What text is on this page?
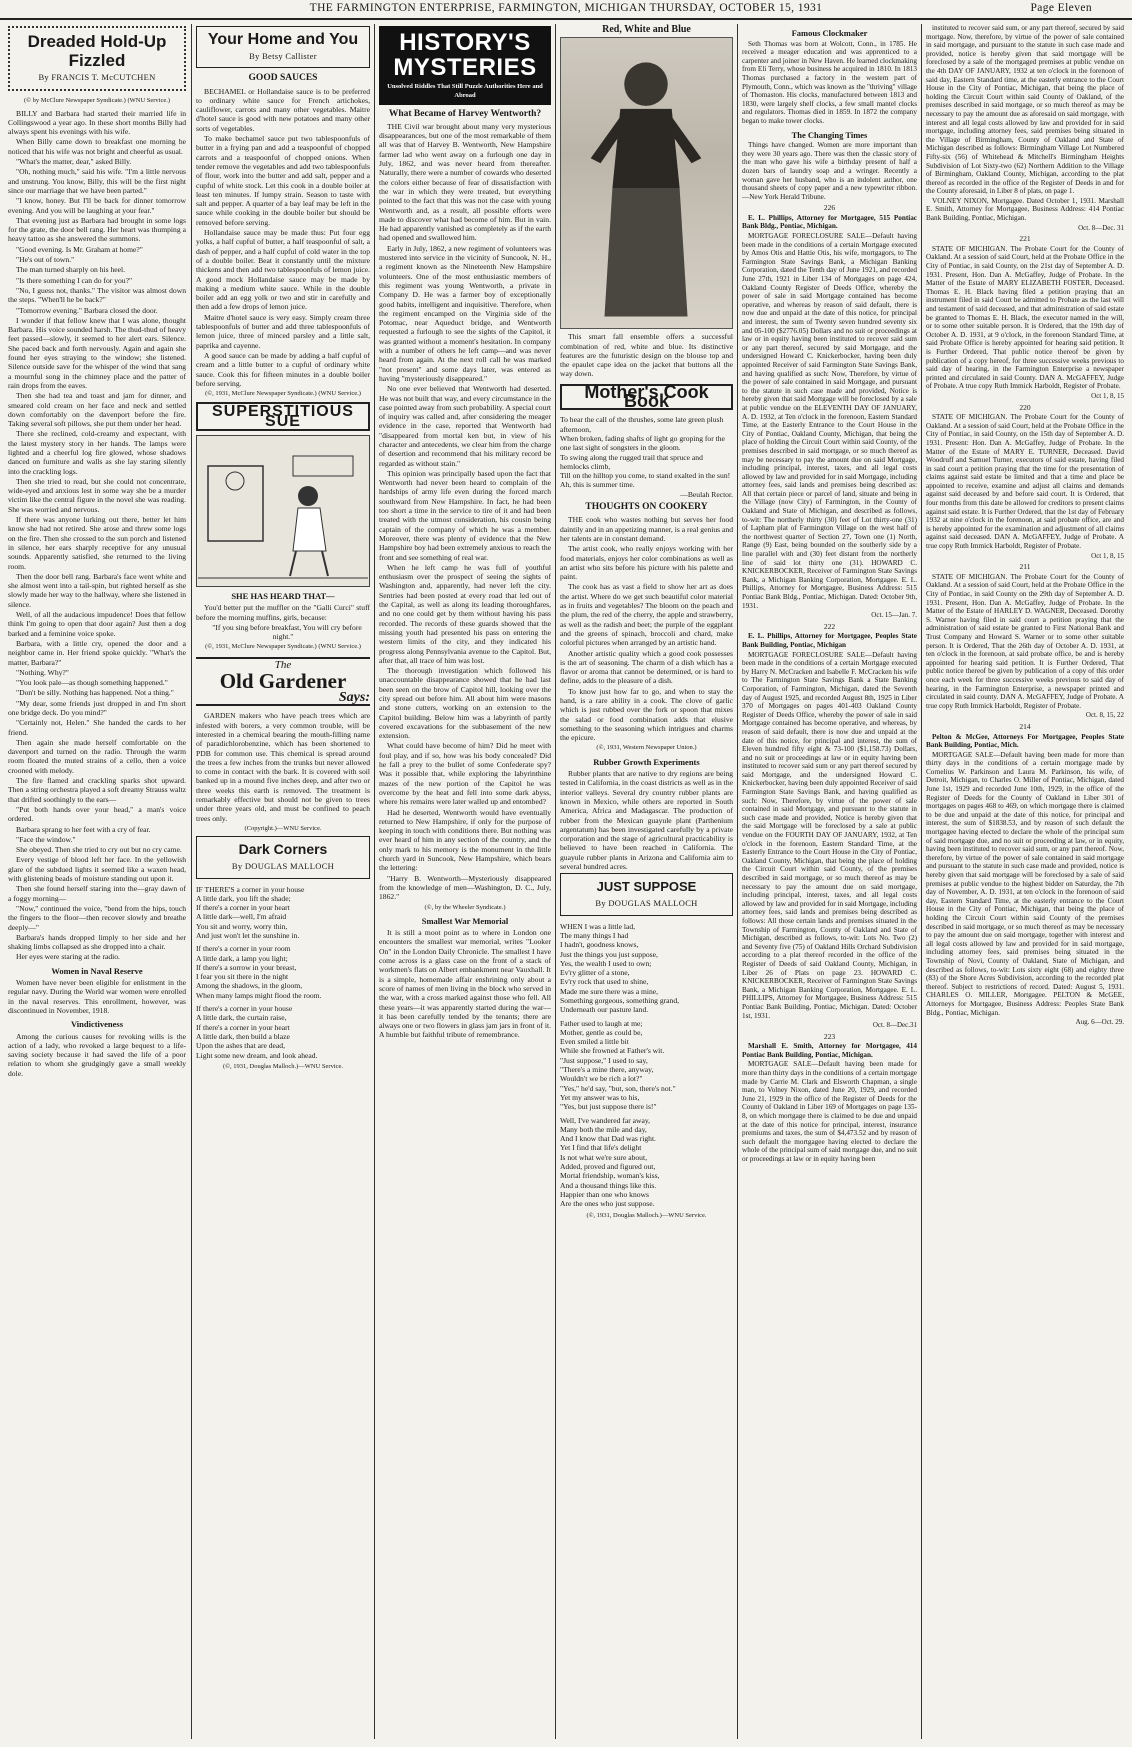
THE FARMINGTON ENTERPRISE, FARMINGTON, MICHIGAN THURSDAY, OCTOBER 15, 1931	Page Eleven
Dreaded Hold-Up Fizzled
By FRANCIS T. McCUTCHEN
(© by McClure Newspaper Syndicate.) (WNU Service.)

BILLY and Barbara had started their married life in Collingswood a year ago. In these short months Billy had always spent his evenings with his wife.

When Billy came down to breakfast one morning he noticed that his wife was not bright and cheerful as usual.

"What's the matter, dear," asked Billy.

"Oh, nothing much," said his wife. "I'm a little nervous and unstrung. You know, Billy, this will be the first night since our marriage that we have been parted."

"I know, honey. But I'll be back for dinner tomorrow evening. And you will be laughing at your fear."

That evening just as Barbara had brought in some logs for the grate, the door bell rang. Her heart was thumping a heavy tattoo as she answered the summons.

"Good evening. Is Mr. Graham at home?"

"He's out of town."

The man turned sharply on his heel.

"Is there something I can do for you?"

"No, I guess not, thanks." The visitor was almost down the steps. "When'll he be back?"

"Tomorrow evening." Barbara closed the door.

I wonder if that fellow knew that I was alone, thought Barbara. His voice sounded harsh. The thud-thud of heavy feet passed—slowly, it seemed to her alert ears. Silence. She paced back and forth nervously. Again and again she found her eyes straying to the window; she listened. Silence outside save for the whisper of the wind that sang a mournful song in the chimney place and the patter of rain drops from the eaves.

Then she had tea and toast and jam for dinner, and smeared cold cream on her face and neck and settled down comfortably on the davenport before the fire. Taking several soft pillows, she put them under her head.

There she reclined, cold-creamy and expectant, with the latest mystery story in her hands. The lamps were lighted and a cheerful log fire glowed, whose shadows danced on furniture and walls as she lay staring silently into the crackling logs.

Then she tried to read, but she could not concentrate, wide-eyed and anxious lest in some way she be a murder victim like the central figure in the novel she was reading. She was worried and nervous.

If there was anyone lurking out there, better let him know she had not retired. She arose and threw some logs on the fire. Then she crossed to the sun porch and listened in silence, her ears sharply receptive for any unusual sounds. Apparently satisfied, she returned to the living room.

Then the door bell rang. Barbara's face went white and she almost went into a tail-spin, but righted herself as she slowly made her way to the hallway, where she listened in silence.

Well, of all the audacious impudence! Does that fellow think I'm going to open that door again? Just then a dog barked and a feminine voice spoke.

Barbara, with a little cry, opened the door and a neighbor came in. Her friend spoke quickly. "What's the matter, Barbara?"

"Nothing. Why?"

"You look pale—as though something happened."

"Don't be silly. Nothing has happened. Not a thing."

"My dear, some friends just dropped in and I'm short one bridge deck. Do you mind?"

"Certainly not, Helen." She handed the cards to her friend.

Then again she made herself comfortable on the davenport and turned on the radio. Through the warm room floated the muted strains of a cello, then a voice crooned with melody.

The fire flamed and crackling sparks shot upward. Then a string orchestra played a soft dreamy Strauss waltz that drifted soothingly to the ears—

"Put both hands over your head," a man's voice ordered.

Barbara sprang to her feet with a cry of fear.

"Face the window."

She obeyed. Then she tried to cry out but no cry came.

Every vestige of blood left her face. In the yellowish glare of the subdued lights it seemed like a waxen head, with glistening beads of moisture standing out upon it.

Then she found herself staring into the—gray dawn of a foggy morning—

"Now," continued the voice, "bend from the hips, touch the fingers to the floor—then recover slowly and breathe deeply—"

Barbara's hands dropped limply to her side and her shaking limbs collapsed as she dropped into a chair.

Her eyes were staring at the radio.

Women in Naval Reserve

Women have never been eligible for enlistment in the regular navy. During the World war women were enrolled in the naval reserves. This enrollment, however, was discontinued in November, 1918.

Vindictiveness

Among the curious causes for revoking wills is the action of a lady, who revoked a large bequest to a life-saving society because it had saved the life of a poor relation to whom she grudgingly gave a small weekly dole.

Your Home and You
By Betsy Callister
GOOD SAUCES

BECHAMEL or Hollandaise sauce is to be preferred to ordinary white sauce for French artichokes, cauliflower, carrots and many other vegetables. Maitre d'hotel sauce is good with new potatoes and many other sorts of vegetables.

To make bechamel sauce put two tablespoonfuls of butter in a frying pan and add a teaspoonful of chopped carrots and a teaspoonful of chopped onions. When tender remove the vegetables and add two tablespoonfuls of flour, work into the butter and add salt, pepper and a cupful of white stock. Let this cook in a double boiler at least ten minutes. If lumpy strain. Season to taste with salt and pepper. A quarter of a bay leaf may be left in the sauce while cooking in the double boiler but should be removed before serving.

Hollandaise sauce may be made thus: Put four egg yolks, a half cupful of butter, a half teaspoonful of salt, a dash of pepper, and a half cupful of cold water in the top of a double boiler. Beat it constantly until the mixture thickens and then add two tablespoonfuls of lemon juice. A good mock Hollandaise sauce may be made by making a medium white sauce. While in the double boiler add an egg yolk or two and stir in carefully and then add a few drops of lemon juice.

Maitre d'hotel sauce is very easy. Simply cream three tablespoonfuls of butter and add three tablespoonfuls of lemon juice, three of minced parsley and a little salt, paprika and cayenne.

A good sauce can be made by adding a half cupful of cream and a little butter to a cupful of ordinary white sauce. Cook this for fifteen minutes in a double boiler before serving.

(©, 1931, McClure Newspaper Syndicate.) (WNU Service.)
SUPERSTITIOUS SUE
SHE HAS HEARD THAT—

You'd better put the muffler on the "Galli Curci" stuff before the morning muffins, girls, because:

"If you sing before breakfast, You will cry before night."

(©, 1931, McClure Newspaper Syndicate.) (WNU Service.)
The
Old Gardener
Says:

GARDEN makers who have peach trees which are infested with borers, a very common trouble, will be interested in a chemical bearing the mouth-filling name of paradichlorobenzine, which has been shortened to PDB for common use. This chemical is spread around the trees a few inches from the trunks but never allowed to come in contact with the bark. It is covered with soil banked up in a mound five inches deep, and after two or three weeks this earth is removed. The treatment is remarkably effective but should not be given to trees under three years old, and must be confined to peach trees only.

(Copyright.)—WNU Service.
Dark Corners
By DOUGLAS MALLOCH
IF THERE'S a corner in your house
A little dark, you lift the shade;
If there's a corner in your heart
A little dark—well, I'm afraid
You sit and worry, worry thin,
And just won't let the sunshine in.
If there's a corner in your room
A little dark, a lamp you light;
If there's a sorrow in your breast,
I fear you sit there in the night
Among the shadows, in the gloom,
When many lamps might flood the room.
If there's a corner in your house
A little dark, the curtain raise,
If there's a corner in your heart
A little dark, then build a blaze
Upon the ashes that are dead,
Light some new dream, and look ahead.
(©, 1931, Douglas Malloch.)—WNU Service.
HISTORY'S MYSTERIES
Unsolved Riddles That Still Puzzle Authorities Here and Abroad
What Became of Harvey Wentworth?

THE Civil war brought about many very mysterious disappearances, but one of the most remarkable of them all was that of Harvey B. Wentworth, New Hampshire farmer lad who went away on a furlough one day in July, 1862, and was never heard from thereafter. Naturally, there were a number of cowards who deserted the colors either because of fear of dissatisfaction with the war in which they were treated, but everything pointed to the fact that this was not the case with young Wentworth and, as a result, all possible efforts were made to discover what had become of him. But in vain. He had apparently vanished as completely as if the earth had opened and swallowed him.

Early in July, 1862, a new regiment of volunteers was mustered into service in the vicinity of Suncook, N. H., a regiment known as the Nineteenth New Hampshire volunteers. One of the most enthusiastic members of this regiment was young Wentworth, a private in Company D. He was a farmer boy of exceptionally good habits, intelligent and inquisitive. Therefore, when the regiment encamped on the Virginia side of the Potomac, near Aqueduct bridge, and Wentworth requested a furlough to see the sights of the Capitol, it was granted without a moment's hesitation. In company with a number of others he left camp—and was never heard from again. At the next roll call he was marked "not present" and some days later, was entered as having "mysteriously disappeared."

No one ever believed that Wentworth had deserted. He was not built that way, and every circumstance in the case pointed away from such probability. A special court of inquiry was called and, after considering the meager evidence in the case, reported that Wentworth had "disappeared from mortal ken but, in view of his character and antecedents, we clear him from the charge of desertion and recommend that his military record be regarded as without stain."

This opinion was principally based upon the fact that Wentworth had never been heard to complain of the hardships of army life even during the forced march southward from New Hampshire. In fact, he had been too short a time in the service to tire of it and had been treated with the utmost consideration, his cousin being captain of the company of which he was a member. Moreover, there was plenty of evidence that the New Hampshire boy had been extremely anxious to reach the front and see something of real war.

When he left camp he was full of youthful enthusiasm over the prospect of seeing the sights of Washington and, apparently, had never left the city. Sentries had been posted at every road that led out of the Capital, as well as along its leading thoroughfares, and no one could get by them without having his pass recorded. The records of these guards showed that the missing youth had presented his pass on entering the western limits of the city, and they indicated his progress along Pennsylvania avenue to the Capitol. But, after that, all trace of him was lost.

The thorough investigation which followed his unaccountable disappearance showed that he had last been seen on the brow of Capitol hill, looking over the city spread out before him. All about him were masons and stone cutters, working on an extension to the Capitol building. Below him was a labyrinth of partly covered excavations for the subbasement of the new extension.

What could have become of him? Did he meet with foul play, and if so, how was his body concealed? Did he fall a prey to the bullet of some Confederate spy? Was it possible that, while exploring the labyrinthine mazes of the new portion of the Capitol he was overcome by the heat and fell into some dark abyss, where his remains were later walled up and entombed?

Had he deserted, Wentworth would have eventually returned to New Hampshire, if only for the purpose of keeping in touch with conditions there. But nothing was ever heard of him in any section of the country, and the only mark to his memory is the monument in the little church yard in Suncook, New Hampshire, which bears the lettering:

"Harry B. Wentworth—Mysteriously disappeared from the knowledge of men—Washington, D. C., July, 1862."

(©, by the Wheeler Syndicate.)
Smallest War Memorial

It is still a moot point as to where in London one encounters the smallest war memorial, writes "Looker On" in the London Daily Chronicle. The smallest I have come across is a glass case on the front of a stack of workmen's flats on Albert embankment near Vauxhall. It is a simple, homemade affair enshrining only about a score of names of men living in the block who served in the war, with a cross marked against those who fell. All these years—it was apparently started during the war—it has been carefully tended by the tenants; there are always one or two flowers in glass jam jars in front of it. A humble but faithful tribute of remembrance.

Red, White and Blue

This smart fall ensemble offers a successful combination of red, white and blue. Its distinctive features are the futuristic design on the blouse top and the epaulet cape idea on the jacket that buttons all the way down.

Mother's Cook Book
To hear the call of the thrushes, some late green plush afternoon,
When broken, fading shafts of light go groping for the one last sight of songsters in the gloom.
To swing along the rugged trail that spruce and hemlocks climb,
Till on the hilltop you come, to stand exalted in the sun! Ah, this is summer time.
—Beulah Rector.
THOUGHTS ON COOKERY

THE cook who wastes nothing but serves her food daintily and in an appetizing manner, is a real genius and her talents are in constant demand.

The artist cook, who really enjoys working with her food materials, enjoys her color combinations as well as an artist who sits before his picture with his palette and paint.

The cook has as vast a field to show her art as does the artist. Where do we get such beautiful color material as in fruits and vegetables? The bloom on the peach and the plum, the red of the cherry, the apple and strawberry, as well as the radish and beet; the purple of the eggplant and the greens of spinach, broccoli and chard, make colorful pictures when arranged by an artistic hand.

Another artistic quality which a good cook possesses is the art of seasoning. The charm of a dish which has a flavor or aroma that cannot be determined, or is hard to define, adds to the pleasure of a dish.

To know just how far to go, and when to stay the hand, is a rare ability in a cook. The clove of garlic which is just rubbed over the fork or spoon that mixes the salad or food combination adds that elusive something to the seasoning which intrigues and charms the epicure.

(©, 1931, Western Newspaper Union.)
Rubber Growth Experiments

Rubber plants that are native to dry regions are being tested in California, in the coast districts as well as in the interior valleys. Several dry country rubber plants are known in Mexico, while others are reported in South America, Africa and Madagascar. The production of rubber from the Mexican guayule plant (Parthenium argentatum) has been investigated carefully by a private corporation and the stage of agricultural practicability is believed to have been reached in California. The guayule rubber plants in Arizona and California aim to several hundred acres.

JUST SUPPOSE
By DOUGLAS MALLOCH
WHEN I was a little lad,
The many things I had
I hadn't, goodness knows,
Just the things you just suppose,
Yes, the wealth I used to own;
Ev'ry glitter of a stone,
Ev'ry rock that used to shine,
Made me sure there was a mine,
Something gorgeous, something grand,
Underneath our pasture land.
Father used to laugh at me;
Mother, gentle as could be,
Even smiled a little bit
While she frowned at Father's wit.
"Just suppose," I used to say,
"There's a mine there, anyway,
Wouldn't we be rich a lot?"
"Yes," he'd say, "but, son, there's not."
Yet my answer was to his,
"Yes, but just suppose there is!"
Well, I've wandered far away,
Many both the mile and day,
And I know that Dad was right.
Yet I find that life's delight
Is not what we're sure about,
Added, proved and figured out,
Mortal friendship, woman's kiss,
And a thousand things like this.
Happier than one who knows
Are the ones who just suppose.
(©, 1931, Douglas Malloch.)—WNU Service.
Famous Clockmaker

Seth Thomas was born at Wolcott, Conn., in 1785. He received a meager education and was apprenticed to a carpenter and joiner in New Haven. He learned clockmaking from Eli Terry, whose business he acquired in 1810. In 1813 Thomas purchased a factory in the western part of Plymouth, Conn., which was known as the "thriving" village of Thomaston. His clocks, manufactured between 1813 and 1830, were largely shelf clocks, a few small mantel clocks and regulators. Thomas died in 1859. In 1872 the company began to make tower clocks.

The Changing Times

Things have changed. Women are more important than they were 30 years ago. There was then the classic story of the man who gave his wife a birthday present of half a dozen bars of laundry soap and a wringer. Recently a woman gave her husband, who is an indolent author, one thousand sheets of copy paper and a new typewriter ribbon.—New York Herald Tribune.

226

E. L. Phillips, Attorney for Mortgagee, 515 Pontiac Bank Bldg., Pontiac, Michigan.

MORTGAGE FORECLOSURE SALE—Default having been made in the conditions of a certain Mortgage executed by Amos Otis and Hattie Otis, his wife, mortgagors, to The Farmington State Savings Bank, a Michigan Banking Corporation, dated the Tenth day of June 1921, and recorded June 27th, 1921 in Liber 134 of Mortgages on page 424, Oakland County Register of Deeds Office, whereby the power of sale in said Mortgage contained has become operative, and whereas by reason of said default, there is now due and unpaid at the date of this notice, for principal and interest, the sum of Twenty seven hundred seventy six and 05-100 ($2776.05) Dollars and no suit or proceedings at law or in equity having been instituted to recover said sum or any part thereof, secured by said Mortgage, and the undersigned Howard C. Knickerbocker, having been duly appointed Receiver of said Farmington State Savings Bank, and having qualified as such: Now, Therefore, by virtue of the power of sale contained in said Mortgage, and pursuant to the statute in such case made and provided, Notice is hereby given that said Mortgage will be foreclosed by a sale at public vendue on the ELEVENTH DAY OF JANUARY, A. D. 1932, at Ten o'clock in the forenoon, Eastern Standard Time, at the Easterly Entrance to the Court House in the City of Pontiac, Oakland County, Michigan, that being the place of holding the Circuit Court within said County, of the premises described in said mortgage, or so much thereof as may be necessary to pay the amount due on said Mortgage, including principal, interest, taxes, and all legal costs allowed by law and provided for in said Mortgage, including attorney fees, said lands and premises being described as: All that certain piece or parcel of land, situate and being in the Village (now City) of Farmington, in the County of Oakland and State of Michigan, and described as follows, to-wit: The northerly thirty (30) feet of Lot thirty-one (31) of Lapham plat of Farmington Village on the west half of the northwest quarter of Section 27, Town one (1) North, Range (9) East, being bounded on the southerly side by a line parallel with and (30) feet distant from the northerly line of said lot thirty one (31). HOWARD C. KNICKERBOCKER, Receiver of Farmington State Savings Bank, a Michigan Banking Corporation, Mortgagee. E. L. Phillips, Attorney for Mortgagee, Business Address: 515 Pontiac Bank Bldg., Pontiac, Michigan. Dated: October 9th, 1931.

Oct. 15—Jan. 7.
222

E. L. Phillips, Attorney for Mortgagee, Peoples State Bank Building, Pontiac, Michigan

MORTGAGE FORECLOSURE SALE—Default having been made in the conditions of a certain Mortgage executed by Harry N. McCracken and Isabelle F. McCracken his wife to The Farmington State Savings Bank a State Banking Corporation, of Farmington, Michigan, dated the Seventh day of August 1925, and recorded August 8th, 1925 in Liber 370 of Mortgages on pages 401-403 Oakland County Register of Deeds Office, whereby the power of sale in said Mortgage contained has become operative, and whereas, by reason of said default, there is now due and unpaid at the date of this notice, for principal and interest, the sum of Eleven hundred fifty eight & 73-100 ($1,158.73) Dollars, and no suit or proceedings at law or in equity having been instituted to recover said sum or any part thereof secured by said Mortgage, and the undersigned Howard C. Knickerbocker, having been duly appointed Receiver of said Farmington State Savings Bank, and having qualified as such: Now, Therefore, by virtue of the power of sale contained in said Mortgage, and pursuant to the statute in such case made and provided, Notice is hereby given that the said Mortgage will be foreclosed by a sale at public vendue on the FOURTH DAY OF JANUARY, 1932, at Ten o'clock in the forenoon, Eastern Standard Time, at the Easterly Entrance to the Court House in the City of Pontiac, Oakland County, Michigan, that being the place of holding the Circuit Court within said County, of the premises described in said mortgage, or so much thereof as may be necessary to pay the amount due on said mortgage, including principal, interest, taxes, and all legal costs allowed by law and provided for in said Mortgage, including attorney fees, said lands and premises being described as follows: All those certain lands and premises situated in the Township of Farmington, County of Oakland and State of Michigan, described as follows, to-wit: Lots No. Two (2) and Seventy five (75) of Oakland Hills Orchard Subdivision according to a plat thereof recorded in the office of the Register of Deeds of said Oakland County, Michigan, in Liber 26 of Plats on page 23. HOWARD C. KNICKERBOCKER, Receiver of Farmington State Savings Bank, a Michigan Banking Corporation, Mortgagee. E. L. PHILLIPS, Attorney for Mortgagee, Business Address: 515 Pontiac Bank Building, Pontiac, Michigan. Dated: October 1st, 1931.

Oct. 8—Dec.31
223

Marshall E. Smith, Attorney for Mortgagee, 414 Pontiac Bank Building, Pontiac, Michigan.

MORTGAGE SALE—Default having been made for more than thirty days in the conditions of a certain mortgage made by Carrie M. Clark and Elsworth Chapman, a single man, to Volney Nixon, dated June 20, 1929, and recorded June 21, 1929 in the office of the Register of Deeds for the County of Oakland in Liber 169 of Mortgages on page 135-8, on which mortgage there is claimed to be due and unpaid at the date of this notice for principal, interest, insurance premiums and taxes, the sum of $4,473.52 and by reason of such default the mortgagee having elected to declare the whole of the principal sum of said mortgage due, and no suit or proceedings at law or in equity having been

instituted to recover said sum, or any part thereof, secured by said mortgage. Now, therefore, by virtue of the power of sale contained in said mortgage, and pursuant to the statute in such case made and provided, notice is hereby given that said mortgage will be foreclosed by a sale of the mortgaged premises at public vendue on the 4th DAY OF JANUARY, 1932 at ten o'clock in the forenoon of said day, Eastern Standard time, at the easterly entrance to the Court House in the City of Pontiac, Michigan, that being the place of holding the Circuit Court within said County of Oakland, of the premises described in said mortgage, or so much thereof as may be necessary to pay the amount due as aforesaid on said mortgage, with interest and all legal costs allowed by law and provided for in said mortgage, including attorney fees, said premises being situated in the Village of Birmingham, County of Oakland and State of Michigan described as follows: Birmingham Village Lot Numbered Fifty-six (56) of Whitehead & Mitchell's Birmingham Heights Subdivision of Lot Sixty-two (62) Northern Addition to the Village of Birmingham, Oakland County, Michigan, according to the plat thereof as recorded in the office of the Register of Deeds in and for the County aforesaid, in Liber 8 of plats, on page 1.

VOLNEY NIXON, Mortgagee. Dated October 1, 1931. Marshall E. Smith, Attorney for Mortgagee, Business Address: 414 Pontiac Bank Building, Pontiac, Michigan.

Oct. 8—Dec. 31
221

STATE OF MICHIGAN. The Probate Court for the County of Oakland. At a session of said Court, held at the Probate Office in the City of Pontiac, in said County, on the 21st day of September A. D. 1931. Present, Hon. Dan A. McGaffey, Judge of Probate. In the Matter of the Estate of MARY ELIZABETH FOSTER, Deceased. Thomas E. H. Black having filed a petition praying that an instrument filed in said Court be admitted to Probate as the last will and testament of said deceased, and that administration of said estate be granted to Thomas E. H. Black, the executor named in the will, or to some other suitable person. It is Ordered, that the 19th day of October A. D. 1931, at 9 o'clock, in the forenoon Standard Time, at said Probate Office is hereby appointed for hearing said petition. It is Further Ordered, That public notice thereof be given by publication of a copy hereof, for three successive weeks previous to said day of hearing, in the Farmington Enterprise a newspaper printed and circulated in said County. DAN A. McGAFFEY, Judge of Probate. A true copy Ruth Immick Harboldt, Register of Probate.

Oct 1, 8, 15
220

STATE OF MICHIGAN. The Probate Court for the County of Oakland. At a session of said Court, held at the Probate Office in the City of Pontiac, in said County, on the 15th day of September A. D. 1931. Present: Hon. Dan A. McGaffey, Judge of Probate. In the Matter of the Estate of MARY E. TURNER, Deceased. David Woodruff and Samuel Turner, executors of said estate, having filed in said court a petition praying that the time for the presentation of claims against said estate be limited and that a time and place be appointed to receive, examine and adjust all claims and demands against said deceased by and before said court. It is Ordered, that four months from this date be allowed for creditors to present claims against said estate. It is Further Ordered, that the 1st day of February 1932 at nine o'clock in the forenoon, at said probate office, are and is hereby appointed for the examination and adjustment of all claims against said deceased. DAN A. McGAFFEY, Judge of Probate. A true copy Ruth Immick Harboldt, Register of Probate.

Oct 1, 8, 15
211

STATE OF MICHIGAN. The Probate Court for the County of Oakland. At a session of said Court, held at the Probate Office in the City of Pontiac, in said County on the 29th day of September A. D. 1931. Present, Hon. Dan A. McGaffey, Judge of Probate. In the Matter of the Estate of HARLEY D. WAGNER, Deceased. Dorothy S. Warner having filed in said court a petition praying that the administration of said estate be granted to First National Bank and Trust Company and Howard S. Warner or to some other suitable person. It is Ordered, That the 26th day of October A. D. 1931, at ten o'clock in the forenoon, at said probate office, be and is hereby appointed for hearing said petition. It is Further Ordered, That public notice thereof be given by publication of a copy of this order once each week for three successive weeks previous to said day of hearing, in the Farmington Enterprise, a newspaper printed and circulated in said county. DAN A. McGAFFEY, Judge of Probate. A true copy Ruth Immick Harboldt, Register of Probate.

Oct. 8, 15, 22
214

Pelton & McGee, Attorneys For Mortgagee, Peoples State Bank Building, Pontiac, Mich.

MORTGAGE SALE—Default having been made for more than thirty days in the conditions of a certain mortgage made by Cornelius W. Parkinson and Laura M. Parkinson, his wife, of Detroit, Michigan, to Charles O. Miller of Pontiac, Michigan, dated June 1st, 1929 and recorded June 10th, 1929, in the office of the Register of Deeds for the County of Oakland in Liber 301 of mortgages on pages 468 to 469, on which mortgage there is claimed to be due and unpaid at the date of this notice, for principal and interest, the sum of $1838.53, and by reason of such default the mortgagee having elected to declare the whole of the principal sum of said mortgage due, and no suit or proceeding at law, or in equity, having been instituted to recover said sum, or any part thereof. Now, therefore, by virtue of the power of sale contained in said mortgage and pursuant to the statute in such case made and provided, notice is hereby given that said mortgage will be foreclosed by a sale of said premises at public vendue to the highest bidder on Saturday, the 7th day of November, A. D. 1931, at ten o'clock in the forenoon of said day, Eastern Standard Time, at the easterly entrance to the Court House in the City of Pontiac, Michigan, that being the place of holding the Circuit Court within said County of the premises described in said mortgage, or so much thereof as may be necessary to pay the amount due on said mortgage, together with interest and all legal costs allowed by law and provided for in said mortgage, including attorney fees, said premises being situated in the Township of Novi, County of Oakland, State of Michigan, and described as follows, to-wit: Lots sixty eight (68) and eighty three (83) of the Shore Acres Subdivision, according to the recorded plat thereof. Subject to restrictions of record. Dated: August 5, 1931. CHARLES O. MILLER, Mortgagee. PELTON & McGEE, Attorneys for Mortgagee, Business Address: Peoples State Bank Bldg., Pontiac, Michigan.

Aug. 6—Oct. 29.
